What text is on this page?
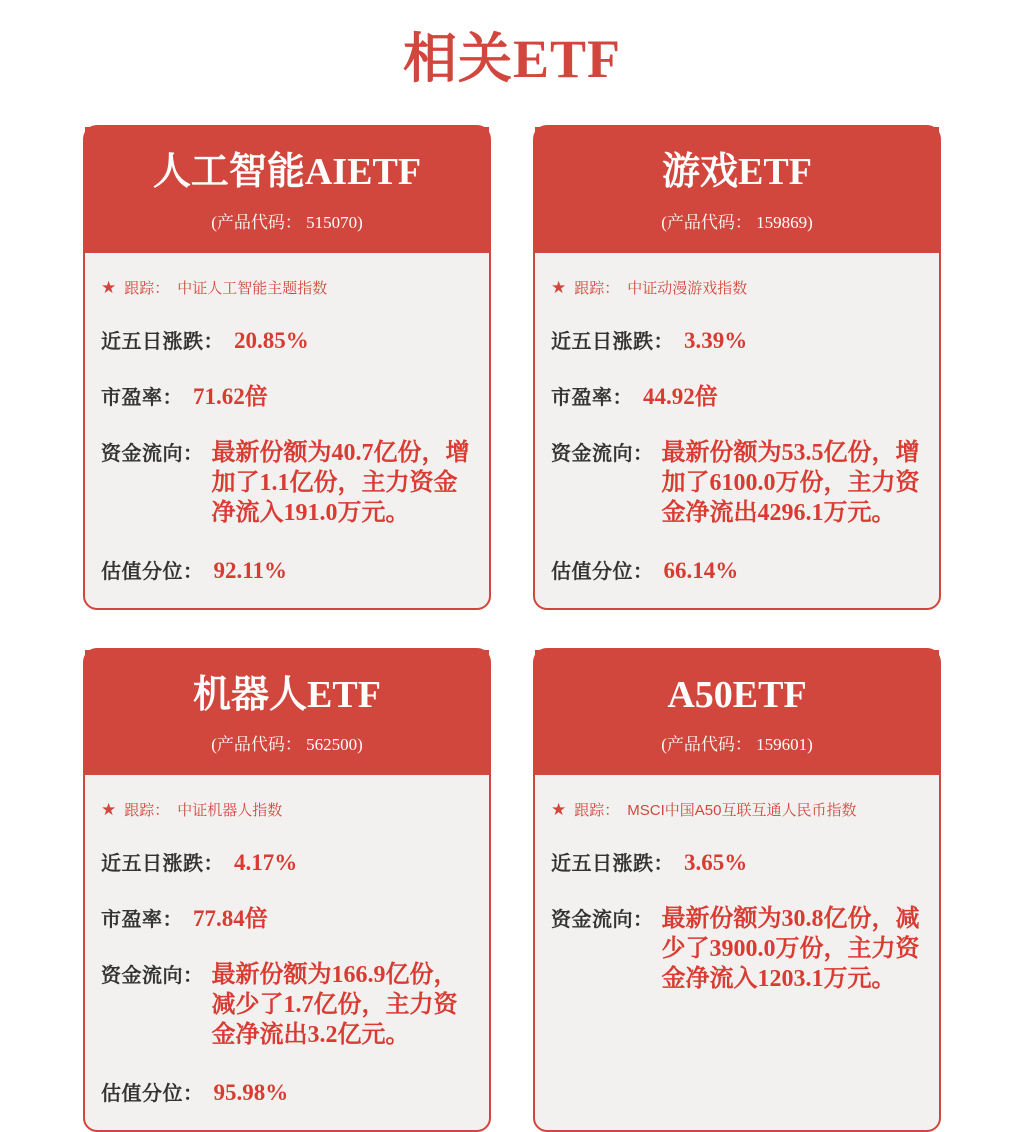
相关ETF
人工智能AIETF
(产品代码： 515070)
★ 跟踪： 中证人工智能主题指数
近五日涨跌： 20.85%
市盈率： 71.62倍
资金流向： 最新份额为40.7亿份，增加了1.1亿份，主力资金净流入191.0万元。
估值分位： 92.11%
游戏ETF
(产品代码： 159869)
★ 跟踪： 中证动漫游戏指数
近五日涨跌： 3.39%
市盈率： 44.92倍
资金流向： 最新份额为53.5亿份，增加了6100.0万份，主力资金净流出4296.1万元。
估值分位： 66.14%
机器人ETF
(产品代码： 562500)
★ 跟踪： 中证机器人指数
近五日涨跌： 4.17%
市盈率： 77.84倍
资金流向： 最新份额为166.9亿份，减少了1.7亿份，主力资金净流出3.2亿元。
估值分位： 95.98%
A50ETF
(产品代码： 159601)
★ 跟踪： MSCI中国A50互联互通人民币指数
近五日涨跌： 3.65%
资金流向： 最新份额为30.8亿份，减少了3900.0万份，主力资金净流入1203.1万元。
